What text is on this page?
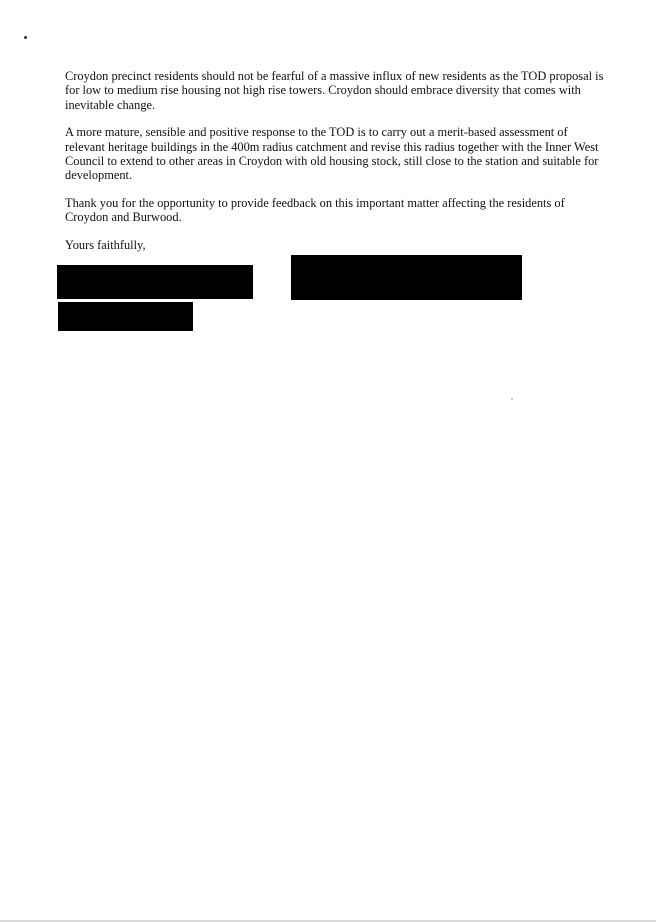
Croydon precinct residents should not be fearful of a massive influx of new residents as the TOD proposal is for low to medium rise housing not high rise towers. Croydon should embrace diversity that comes with inevitable change.

A more mature, sensible and positive response to the TOD is to carry out a merit-based assessment of relevant heritage buildings in the 400m radius catchment and revise this radius together with the Inner West Council to extend to other areas in Croydon with old housing stock, still close to the station and suitable for development.

Thank you for the opportunity to provide feedback on this important matter affecting the residents of Croydon and Burwood.

Yours faithfully,
